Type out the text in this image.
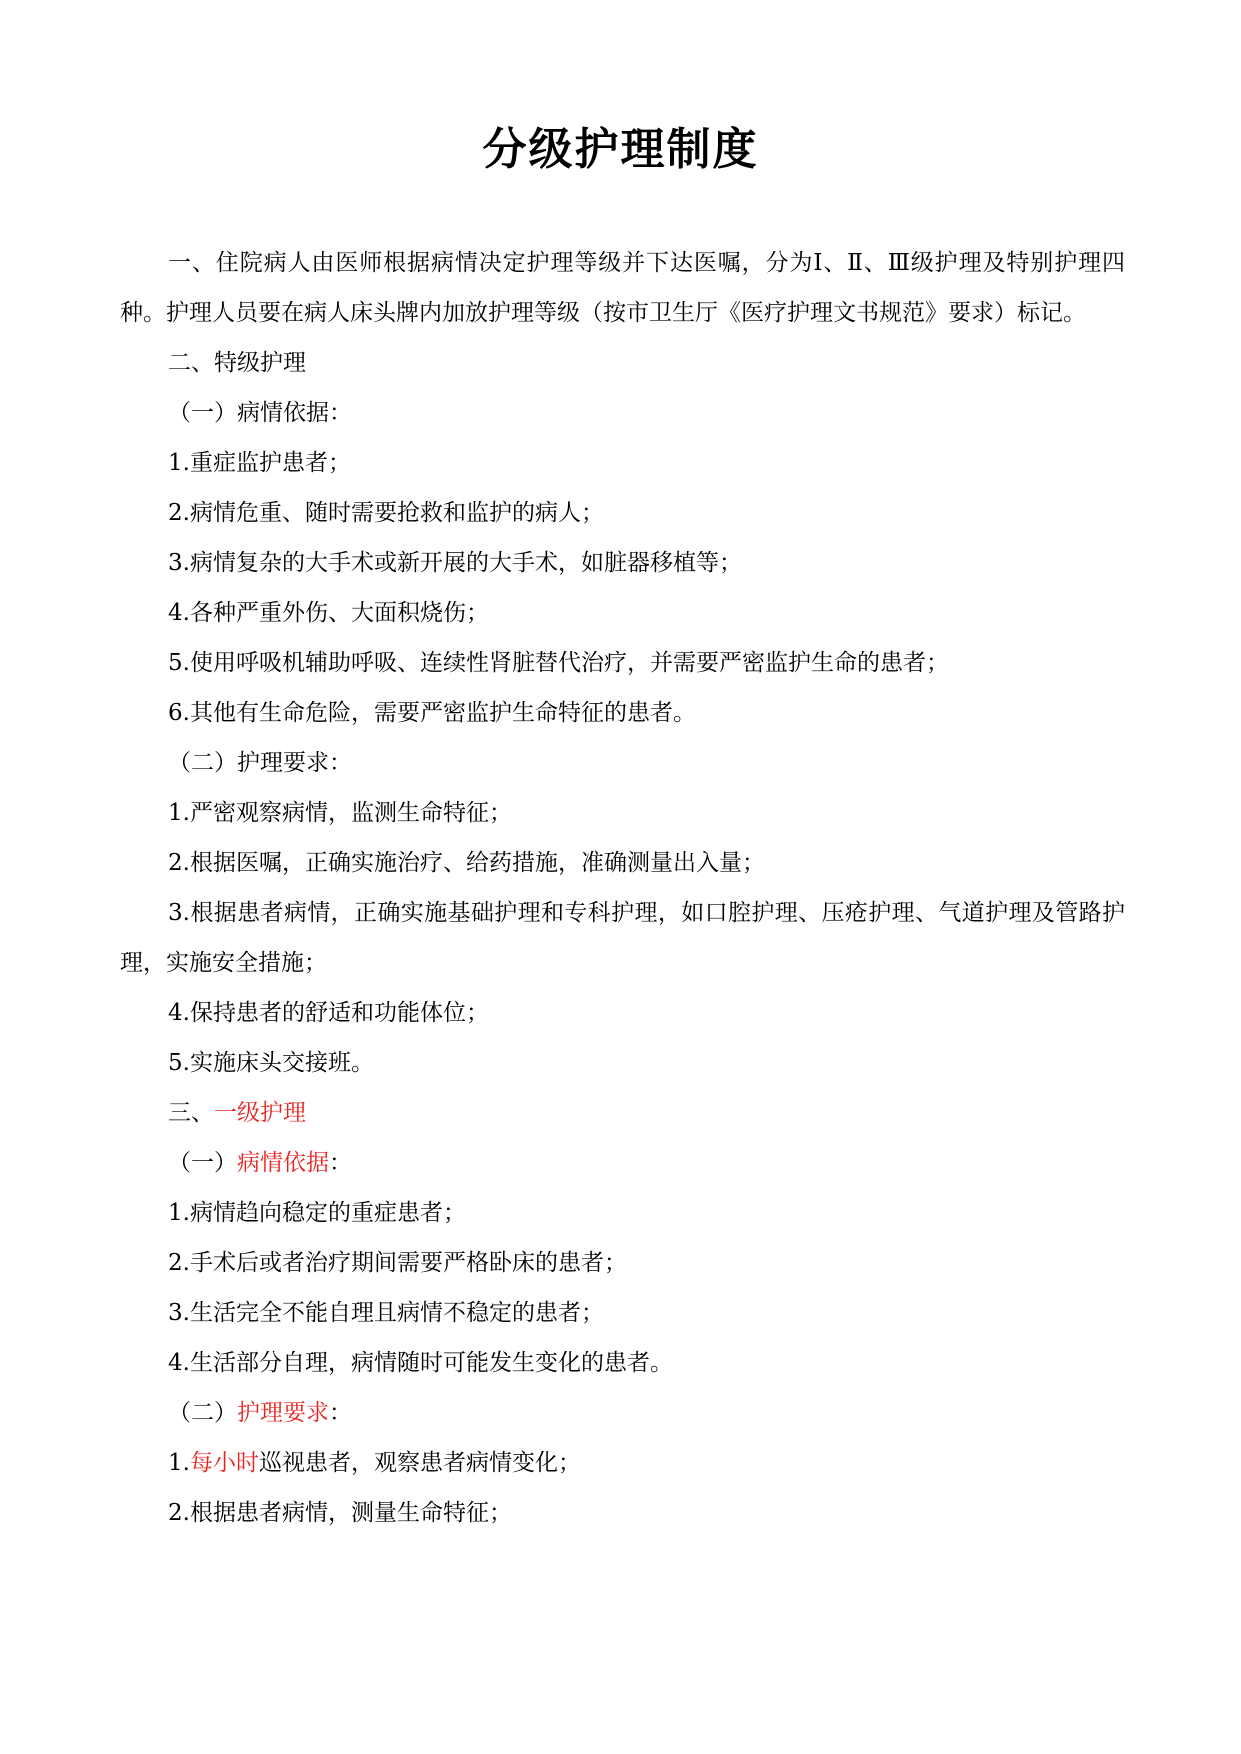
分级护理制度

一、住院病人由医师根据病情决定护理等级并下达医嘱，分为Ⅰ、Ⅱ、Ⅲ级护理及特别护理四种。护理人员要在病人床头牌内加放护理等级（按市卫生厅《医疗护理文书规范》要求）标记。

二、特级护理

（一）病情依据：

1.重症监护患者；

2.病情危重、随时需要抢救和监护的病人；

3.病情复杂的大手术或新开展的大手术，如脏器移植等；

4.各种严重外伤、大面积烧伤；

5.使用呼吸机辅助呼吸、连续性肾脏替代治疗，并需要严密监护生命的患者；

6.其他有生命危险，需要严密监护生命特征的患者。

（二）护理要求：

1.严密观察病情，监测生命特征；

2.根据医嘱，正确实施治疗、给药措施，准确测量出入量；

3.根据患者病情，正确实施基础护理和专科护理，如口腔护理、压疮护理、气道护理及管路护理，实施安全措施；

4.保持患者的舒适和功能体位；

5.实施床头交接班。

三、一级护理

（一）病情依据：

1.病情趋向稳定的重症患者；

2.手术后或者治疗期间需要严格卧床的患者；

3.生活完全不能自理且病情不稳定的患者；

4.生活部分自理，病情随时可能发生变化的患者。

（二）护理要求：

1.每小时巡视患者，观察患者病情变化；

2.根据患者病情，测量生命特征；
